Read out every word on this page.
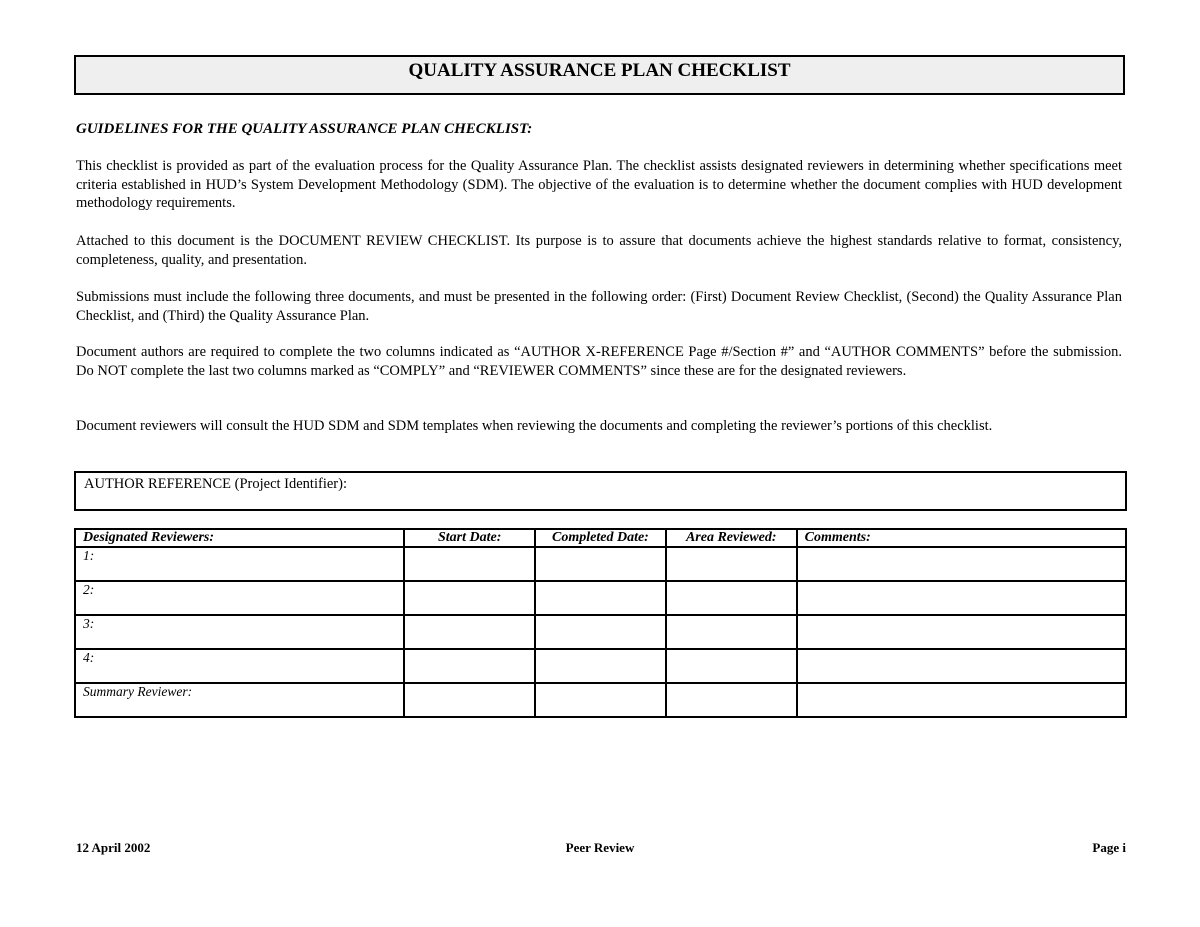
QUALITY ASSURANCE PLAN CHECKLIST
GUIDELINES FOR THE QUALITY ASSURANCE PLAN CHECKLIST:
This checklist is provided as part of the evaluation process for the Quality Assurance Plan. The checklist assists designated reviewers in determining whether specifications meet criteria established in HUD’s System Development Methodology (SDM). The objective of the evaluation is to determine whether the document complies with HUD development methodology requirements.
Attached to this document is the DOCUMENT REVIEW CHECKLIST. Its purpose is to assure that documents achieve the highest standards relative to format, consistency, completeness, quality, and presentation.
Submissions must include the following three documents, and must be presented in the following order: (First) Document Review Checklist, (Second) the Quality Assurance Plan Checklist, and (Third) the Quality Assurance Plan.
Document authors are required to complete the two columns indicated as “AUTHOR X-REFERENCE Page #/Section #” and “AUTHOR COMMENTS” before the submission. Do NOT complete the last two columns marked as “COMPLY” and “REVIEWER COMMENTS” since these are for the designated reviewers.
Document reviewers will consult the HUD SDM and SDM templates when reviewing the documents and completing the reviewer’s portions of this checklist.
AUTHOR REFERENCE (Project Identifier):
Designated Reviewers:	Start Date:	Completed Date:	Area Reviewed:	Comments:
1:				
2:				
3:				
4:				
Summary Reviewer:				
12 April 2002	Peer Review	Page i
